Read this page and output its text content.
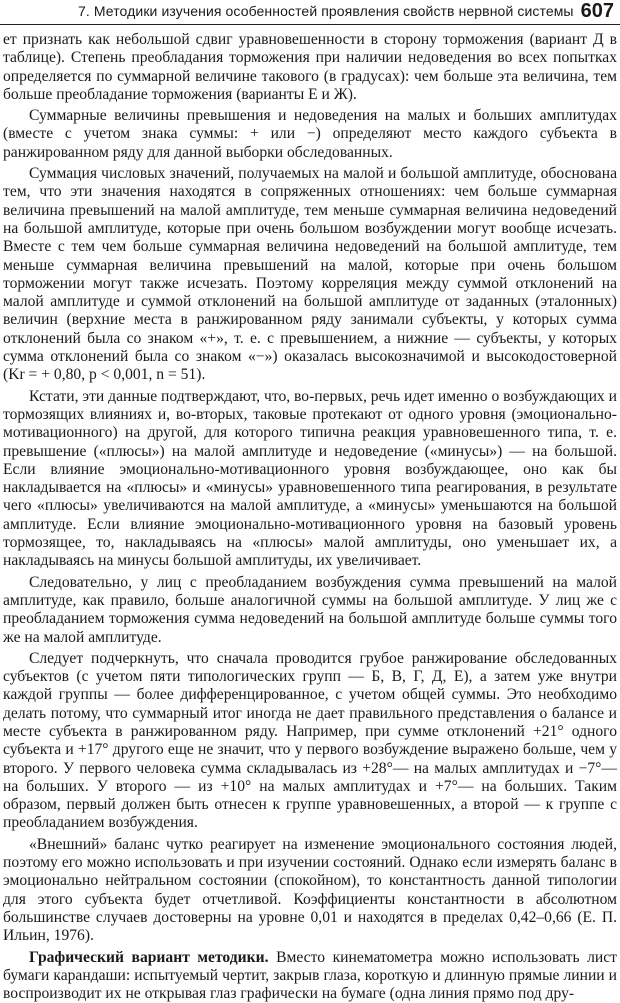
7. Методики изучения особенностей проявления свойств нервной системы 607

ет признать как небольшой сдвиг уравновешенности в сторону торможения (вариант Д в таблице). Степень преобладания торможения при наличии недоведения во всех попытках определяется по суммарной величине такового (в градусах): чем больше эта величина, тем больше преобладание торможения (варианты Е и Ж).

Суммарные величины превышения и недоведения на малых и больших амплитудах (вместе с учетом знака суммы: + или −) определяют место каждого субъекта в ранжированном ряду для данной выборки обследованных.

Суммация числовых значений, получаемых на малой и большой амплитуде, обоснована тем, что эти значения находятся в сопряженных отношениях: чем больше суммарная величина превышений на малой амплитуде, тем меньше суммарная величина недоведений на большой амплитуде, которые при очень большом возбуждении могут вообще исчезать. Вместе с тем чем больше суммарная величина недоведений на большой амплитуде, тем меньше суммарная величина превышений на малой, которые при очень большом торможении могут также исчезать. Поэтому корреляция между суммой отклонений на малой амплитуде и суммой отклонений на большой амплитуде от заданных (эталонных) величин (верхние места в ранжированном ряду занимали субъекты, у которых сумма отклонений была со знаком «+», т. е. с превышением, а нижние — субъекты, у которых сумма отклонений была со знаком «−») оказалась высокозначимой и высокодостоверной (Kr = + 0,80, p < 0,001, n = 51).

Кстати, эти данные подтверждают, что, во-первых, речь идет именно о возбуждающих и тормозящих влияниях и, во-вторых, таковые протекают от одного уровня (эмоционально-мотивационного) на другой, для которого типична реакция уравновешенного типа, т. е. превышение («плюсы») на малой амплитуде и недоведение («минусы») — на большой. Если влияние эмоционально-мотивационного уровня возбуждающее, оно как бы накладывается на «плюсы» и «минусы» уравновешенного типа реагирования, в результате чего «плюсы» увеличиваются на малой амплитуде, а «минусы» уменьшаются на большой амплитуде. Если влияние эмоционально-мотивационного уровня на базовый уровень тормозящее, то, накладываясь на «плюсы» малой амплитуды, оно уменьшает их, а накладываясь на минусы большой амплитуды, их увеличивает.

Следовательно, у лиц с преобладанием возбуждения сумма превышений на малой амплитуде, как правило, больше аналогичной суммы на большой амплитуде. У лиц же с преобладанием торможения сумма недоведений на большой амплитуде больше суммы того же на малой амплитуде.

Следует подчеркнуть, что сначала проводится грубое ранжирование обследованных субъектов (с учетом пяти типологических групп — Б, В, Г, Д, Е), а затем уже внутри каждой группы — более дифференцированное, с учетом общей суммы. Это необходимо делать потому, что суммарный итог иногда не дает правильного представления о балансе и месте субъекта в ранжированном ряду. Например, при сумме отклонений +21° одного субъекта и +17° другого еще не значит, что у первого возбуждение выражено больше, чем у второго. У первого человека сумма складывалась из +28°— на малых амплитудах и −7°— на больших. У второго — из +10° на малых амплитудах и +7°— на больших. Таким образом, первый должен быть отнесен к группе уравновешенных, а второй — к группе с преобладанием возбуждения.

«Внешний» баланс чутко реагирует на изменение эмоционального состояния людей, поэтому его можно использовать и при изучении состояний. Однако если измерять баланс в эмоционально нейтральном состоянии (спокойном), то константность данной типологии для этого субъекта будет отчетливой. Коэффициенты константности в абсолютном большинстве случаев достоверны на уровне 0,01 и находятся в пределах 0,42–0,66 (Е. П. Ильин, 1976).

Графический вариант методики. Вместо кинематометра можно использовать лист бумаги карандаши: испытуемый чертит, закрыв глаза, короткую и длинную прямые линии и воспроизводит их не открывая глаз графически на бумаге (одна линия прямо под дру-
